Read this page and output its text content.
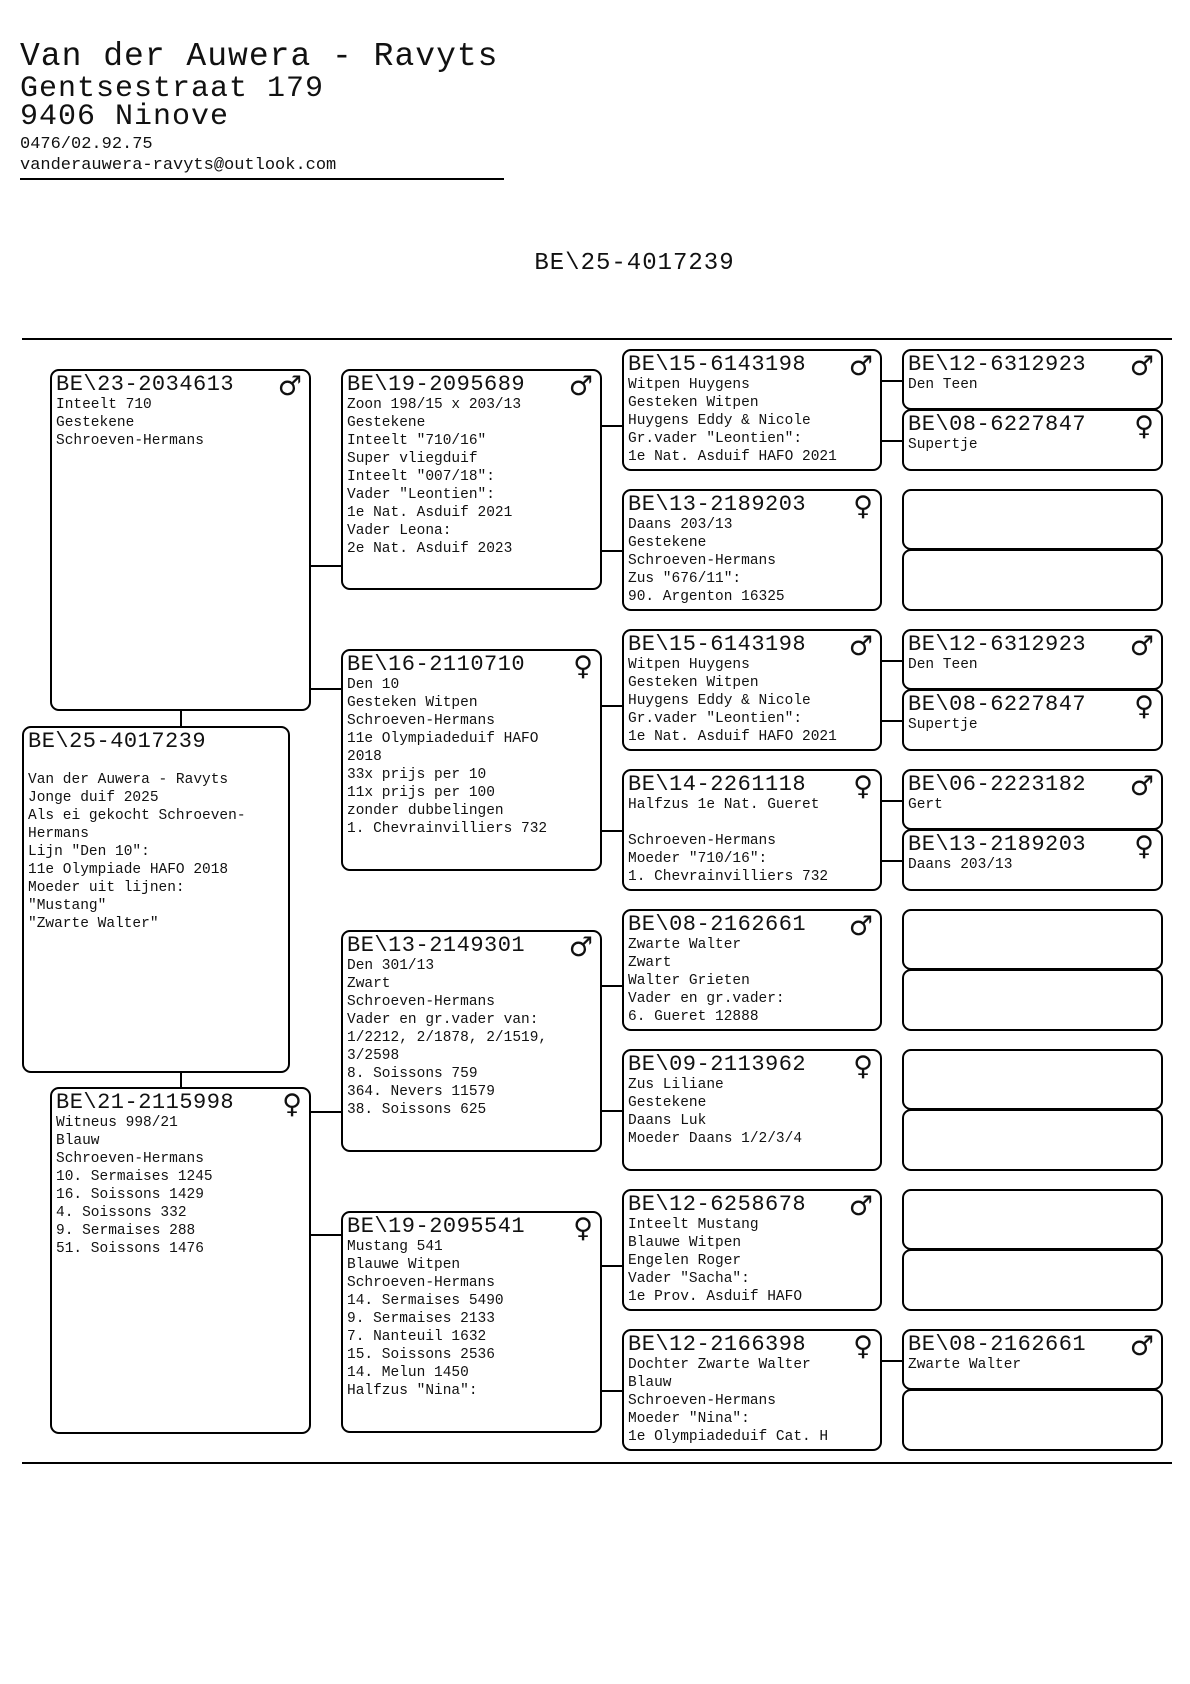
Van der Auwera - Ravyts
Gentsestraat 179
9406 Ninove
0476/02.92.75
vanderauwera-ravyts@outlook.com
BE\25-4017239
BE\23-2034613	♂
Inteelt 710
Gestekene
Schroeven-Hermans
BE\25-4017239

Van der Auwera - Ravyts
Jonge duif 2025
Als ei gekocht Schroeven-
Hermans
Lijn "Den 10":
11e Olympiade HAFO 2018
Moeder uit lijnen:
"Mustang"
"Zwarte Walter"
BE\21-2115998	♀
Witneus 998/21
Blauw
Schroeven-Hermans
10. Sermaises 1245
16. Soissons 1429
4. Soissons 332
9. Sermaises 288
51. Soissons 1476
BE\19-2095689	♂
Zoon 198/15 x 203/13
Gestekene
Inteelt "710/16"
Super vliegduif
Inteelt "007/18":
Vader "Leontien":
1e Nat. Asduif 2021
Vader Leona:
2e Nat. Asduif 2023
BE\16-2110710	♀
Den 10
Gesteken Witpen
Schroeven-Hermans
11e Olympiadeduif HAFO
2018
33x prijs per 10
11x prijs per 100
zonder dubbelingen
1. Chevrainvilliers 732
BE\13-2149301	♂
Den 301/13
Zwart
Schroeven-Hermans
Vader en gr.vader van:
1/2212, 2/1878, 2/1519,
3/2598
8. Soissons 759
364. Nevers 11579
38. Soissons 625
BE\19-2095541	♀
Mustang 541
Blauwe Witpen
Schroeven-Hermans
14. Sermaises 5490
9. Sermaises 2133
7. Nanteuil 1632
15. Soissons 2536
14. Melun 1450
Halfzus "Nina":
BE\15-6143198	♂
Witpen Huygens
Gesteken Witpen
Huygens Eddy & Nicole
Gr.vader "Leontien":
1e Nat. Asduif HAFO 2021
BE\13-2189203	♀
Daans 203/13
Gestekene
Schroeven-Hermans
Zus "676/11":
90. Argenton 16325
BE\15-6143198	♂
Witpen Huygens
Gesteken Witpen
Huygens Eddy & Nicole
Gr.vader "Leontien":
1e Nat. Asduif HAFO 2021
BE\14-2261118	♀
Halfzus 1e Nat. Gueret

Schroeven-Hermans
Moeder "710/16":
1. Chevrainvilliers 732
BE\08-2162661	♂
Zwarte Walter
Zwart
Walter Grieten
Vader en gr.vader:
6. Gueret 12888
BE\09-2113962	♀
Zus Liliane
Gestekene
Daans Luk
Moeder Daans 1/2/3/4
BE\12-6258678	♂
Inteelt Mustang
Blauwe Witpen
Engelen Roger
Vader "Sacha":
1e Prov. Asduif HAFO
BE\12-2166398	♀
Dochter Zwarte Walter
Blauw
Schroeven-Hermans
Moeder "Nina":
1e Olympiadeduif Cat. H
BE\12-6312923	♂
Den Teen
BE\08-6227847	♀
Supertje
BE\12-6312923	♂
Den Teen
BE\08-6227847	♀
Supertje
BE\06-2223182	♂
Gert
BE\13-2189203	♀
Daans 203/13
BE\08-2162661	♂
Zwarte Walter
